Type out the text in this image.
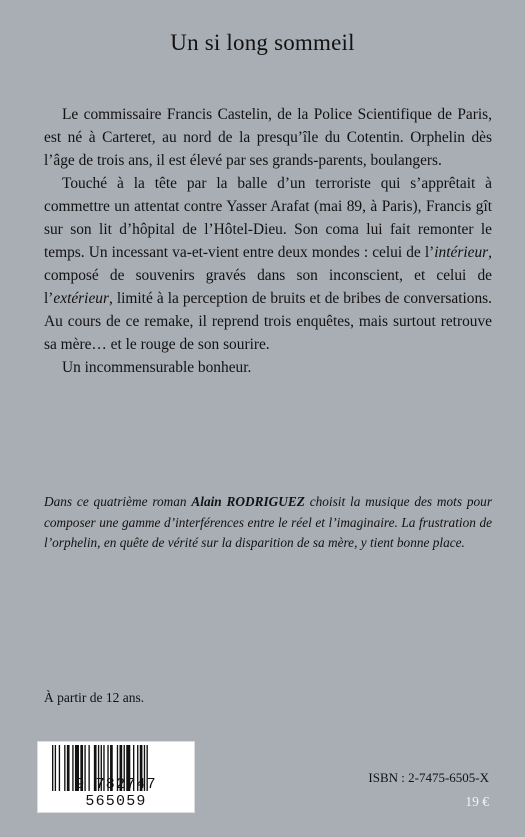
Un si long sommeil

Le commissaire Francis Castelin, de la Police Scientifique de Paris, est né à Carteret, au nord de la presqu’île du Cotentin. Orphelin dès l’âge de trois ans, il est élevé par ses grands-parents, boulangers.

Touché à la tête par la balle d’un terroriste qui s’apprêtait à commettre un attentat contre Yasser Arafat (mai 89, à Paris), Francis gît sur son lit d’hôpital de l’Hôtel-Dieu. Son coma lui fait remonter le temps. Un incessant va-et-vient entre deux mondes : celui de l’intérieur, composé de souvenirs gravés dans son inconscient, et celui de l’extérieur, limité à la perception de bruits et de bribes de conversations. Au cours de ce remake, il reprend trois enquêtes, mais surtout retrouve sa mère… et le rouge de son sourire.

Un incommensurable bonheur.

Dans ce quatrième roman Alain RODRIGUEZ choisit la musique des mots pour composer une gamme d’interférences entre le réel et l’imaginaire. La frustration de l’orphelin, en quête de vérité sur la disparition de sa mère, y tient bonne place.
À partir de 12 ans.
9 782747 565059
ISBN : 2-7475-6505-X
19 €
